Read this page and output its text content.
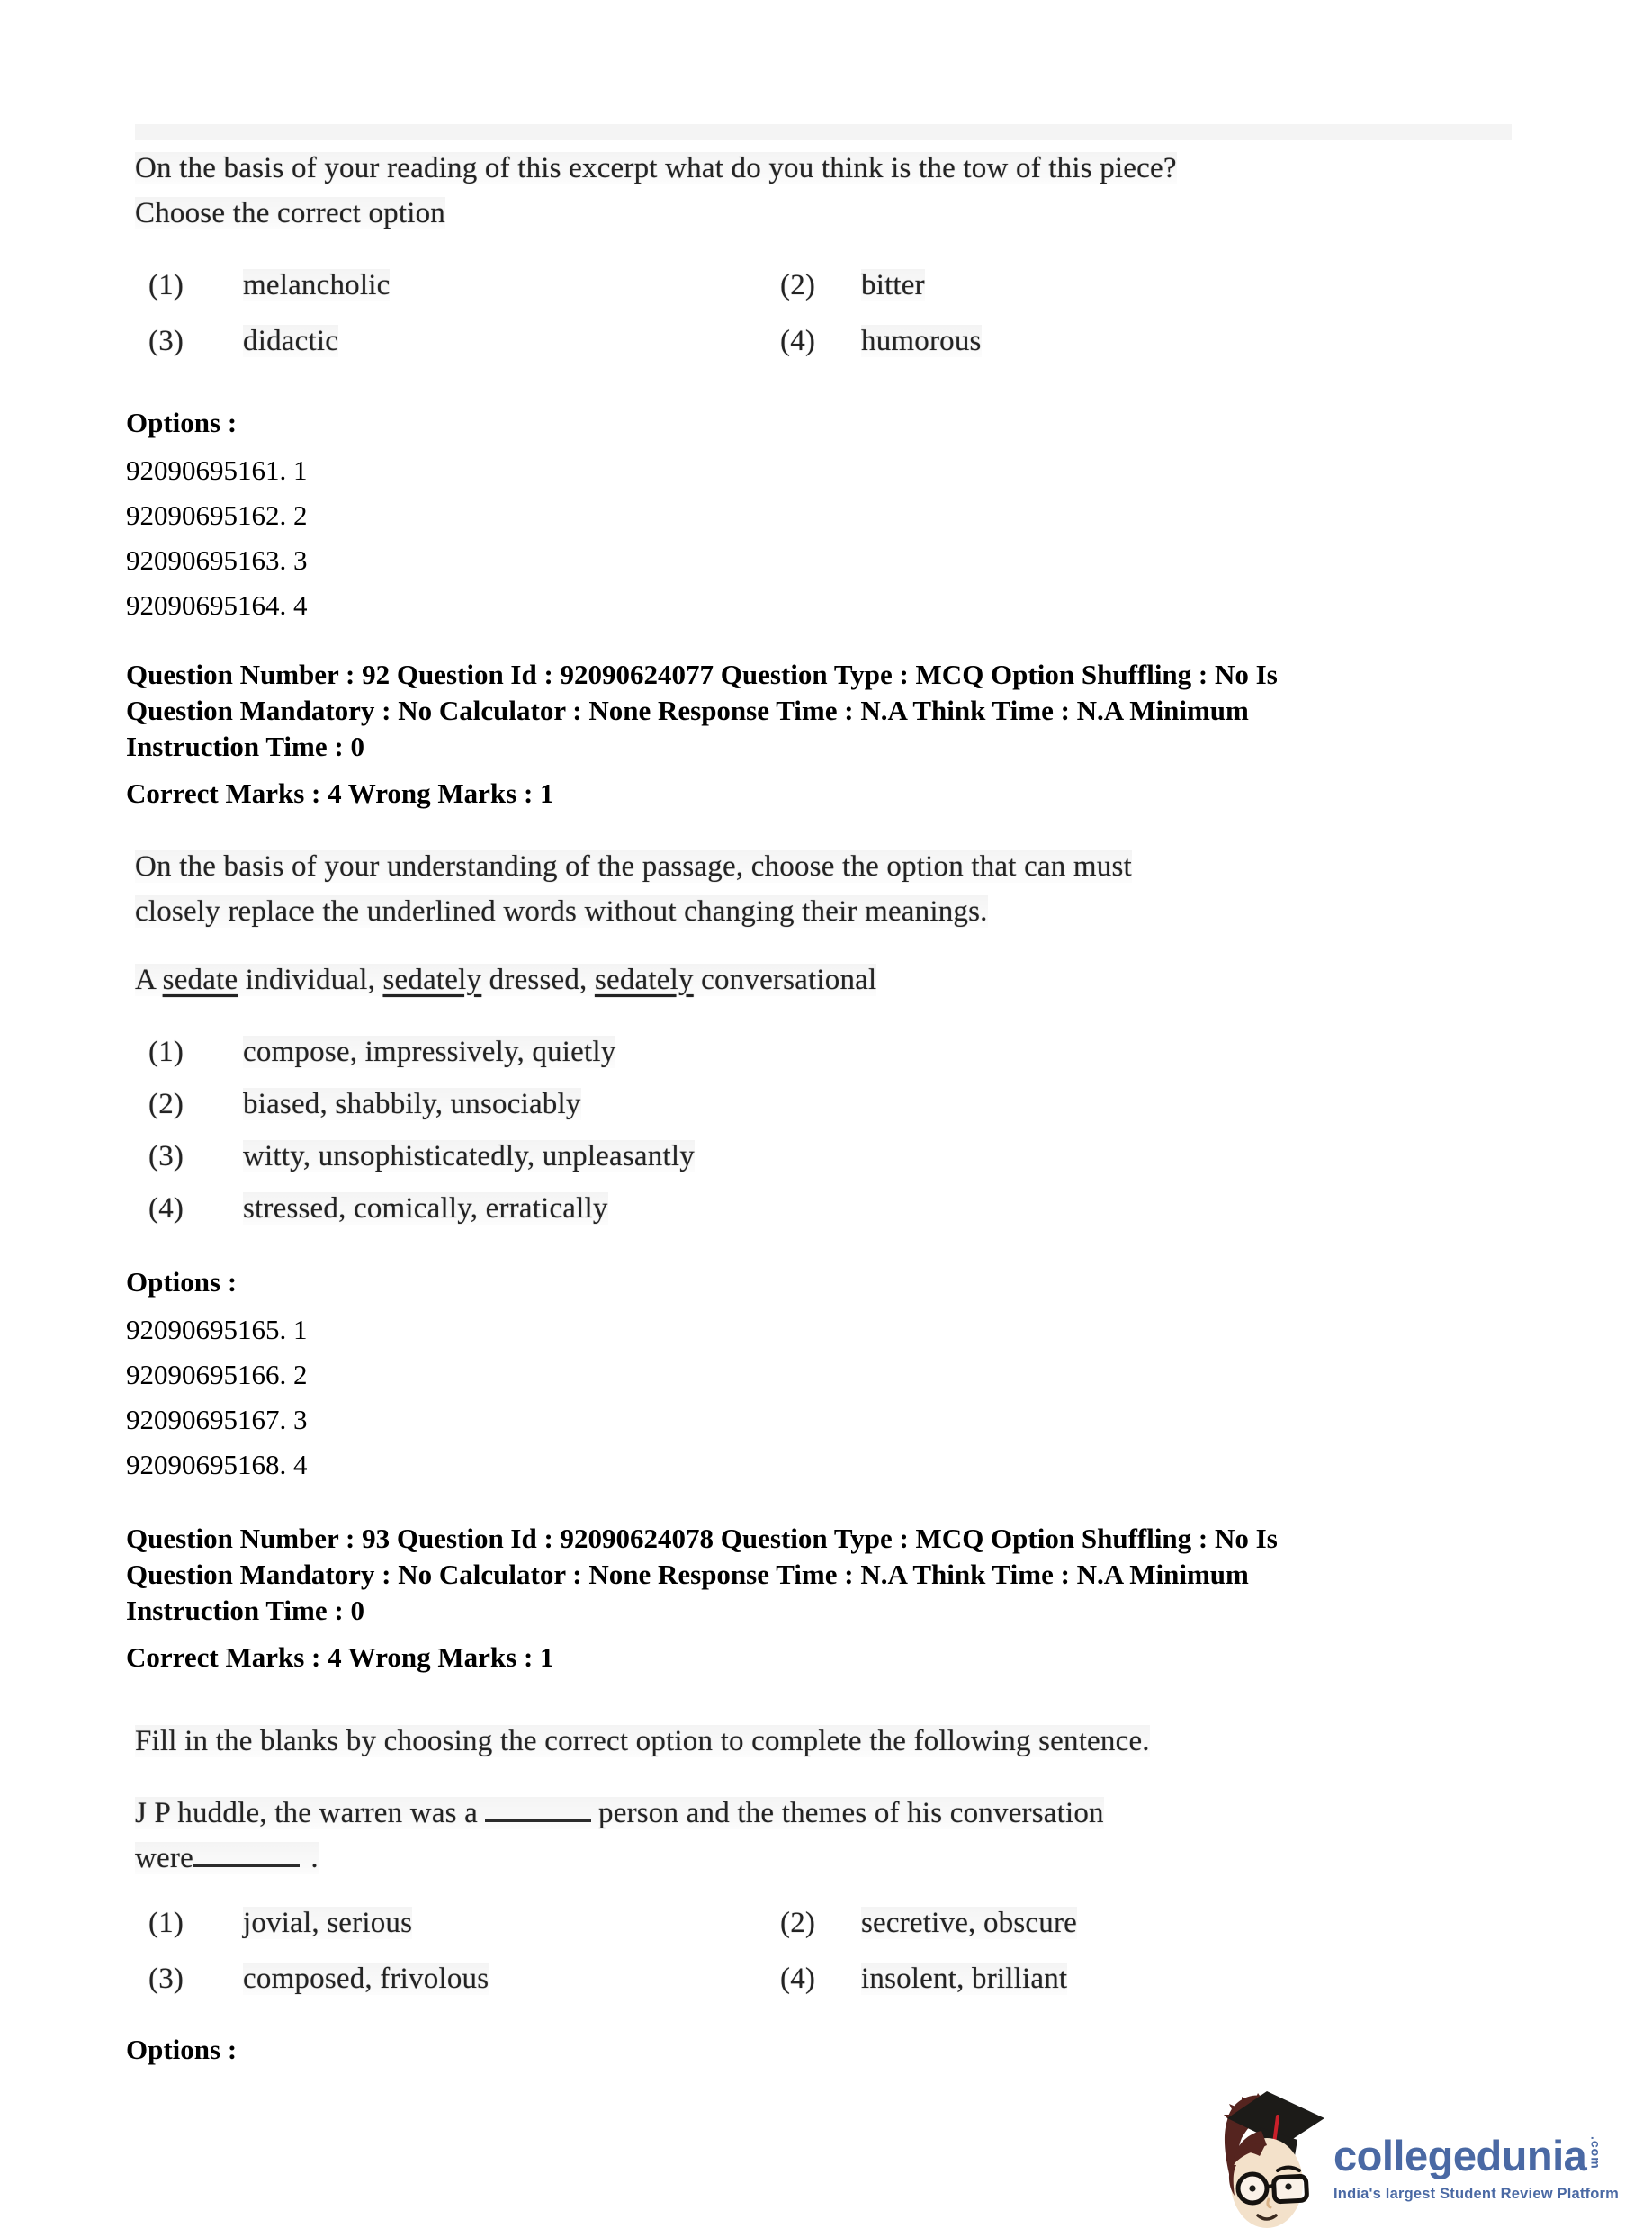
On the basis of your reading of this excerpt what do you think is the tow of this piece?

Choose the correct option

(1)	melancholic	(2)	bitter
(3)	didactic	(4)	humorous
Options :

92090695161. 1

92090695162. 2

92090695163. 3

92090695164. 4

Question Number : 92 Question Id : 92090624077 Question Type : MCQ Option Shuffling : No Is

Question Mandatory : No Calculator : None Response Time : N.A Think Time : N.A Minimum

Instruction Time : 0

Correct Marks : 4 Wrong Marks : 1

On the basis of your understanding of the passage, choose the option that can must

closely replace the underlined words without changing their meanings.

A sedate individual, sedately dressed, sedately conversational

(1)	compose, impressively, quietly
(2)	biased, shabbily, unsociably
(3)	witty, unsophisticatedly, unpleasantly
(4)	stressed, comically, erratically
Options :

92090695165. 1

92090695166. 2

92090695167. 3

92090695168. 4

Question Number : 93 Question Id : 92090624078 Question Type : MCQ Option Shuffling : No Is

Question Mandatory : No Calculator : None Response Time : N.A Think Time : N.A Minimum

Instruction Time : 0

Correct Marks : 4 Wrong Marks : 1

Fill in the blanks by choosing the correct option to complete the following sentence.

J P huddle, the warren was a	person and the themes of his conversation

were	.

(1)	jovial, serious	(2)	secretive, obscure
(3)	composed, frivolous	(4)	insolent, brilliant
Options :
collegedunia .com
India's largest Student Review Platform
